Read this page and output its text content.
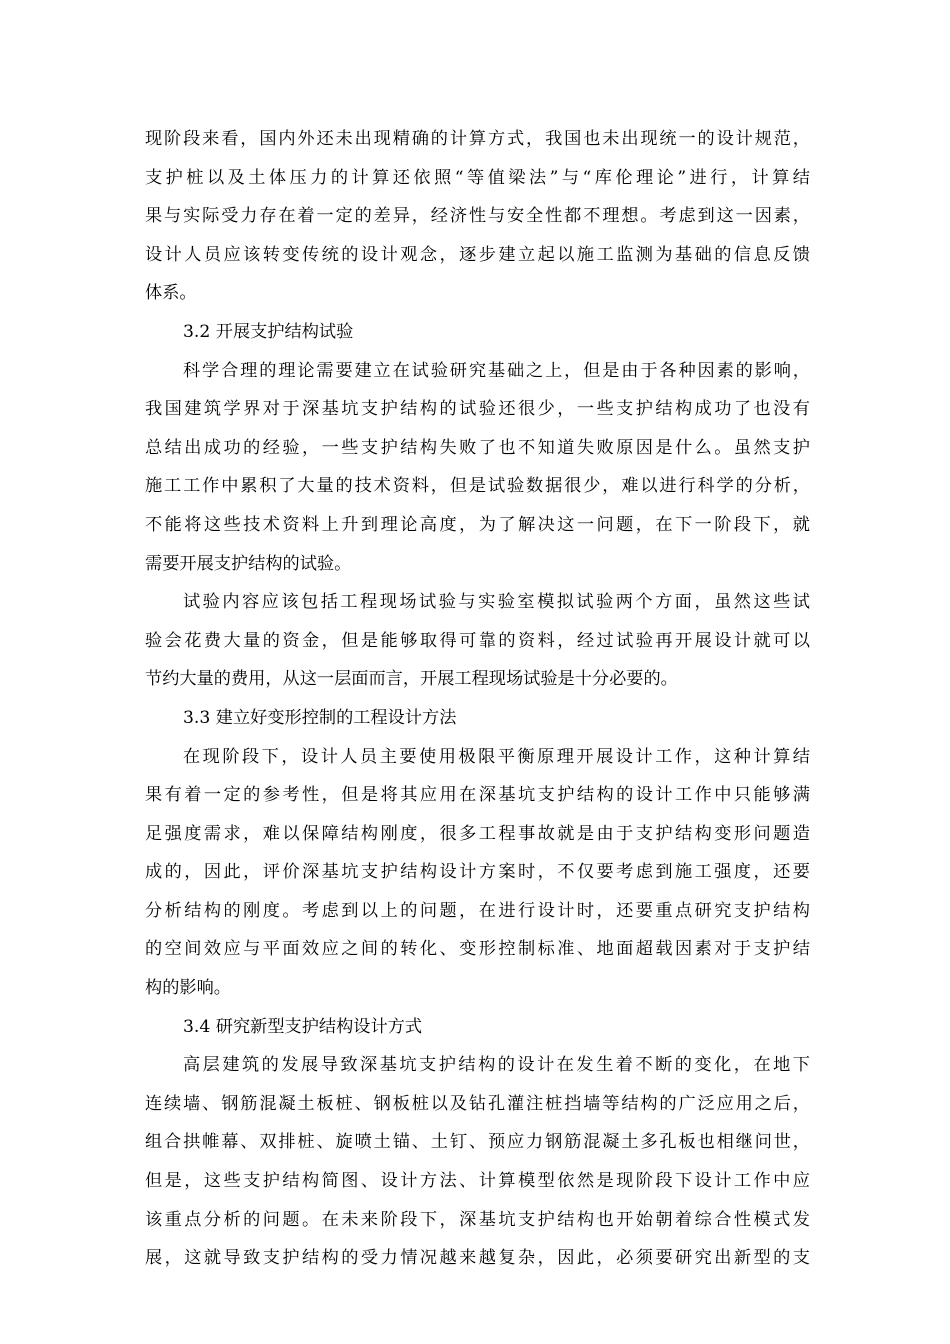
现阶段来看，国内外还未出现精确的计算方式，我国也未出现统一的设计规范，
支护桩以及土体压力的计算还依照“等值梁法”与“库伦理论”进行，计算结
果与实际受力存在着一定的差异，经济性与安全性都不理想。考虑到这一因素，
设计人员应该转变传统的设计观念，逐步建立起以施工监测为基础的信息反馈
体系。
3.2 开展支护结构试验
科学合理的理论需要建立在试验研究基础之上，但是由于各种因素的影响，
我国建筑学界对于深基坑支护结构的试验还很少，一些支护结构成功了也没有
总结出成功的经验，一些支护结构失败了也不知道失败原因是什么。虽然支护
施工工作中累积了大量的技术资料，但是试验数据很少，难以进行科学的分析，
不能将这些技术资料上升到理论高度，为了解决这一问题，在下一阶段下，就
需要开展支护结构的试验。
试验内容应该包括工程现场试验与实验室模拟试验两个方面，虽然这些试
验会花费大量的资金，但是能够取得可靠的资料，经过试验再开展设计就可以
节约大量的费用，从这一层面而言，开展工程现场试验是十分必要的。
3.3 建立好变形控制的工程设计方法
在现阶段下，设计人员主要使用极限平衡原理开展设计工作，这种计算结
果有着一定的参考性，但是将其应用在深基坑支护结构的设计工作中只能够满
足强度需求，难以保障结构刚度，很多工程事故就是由于支护结构变形问题造
成的，因此，评价深基坑支护结构设计方案时，不仅要考虑到施工强度，还要
分析结构的刚度。考虑到以上的问题，在进行设计时，还要重点研究支护结构
的空间效应与平面效应之间的转化、变形控制标准、地面超载因素对于支护结
构的影响。
3.4 研究新型支护结构设计方式
高层建筑的发展导致深基坑支护结构的设计在发生着不断的变化，在地下
连续墙、钢筋混凝土板桩、钢板桩以及钻孔灌注桩挡墙等结构的广泛应用之后，
组合拱帷幕、双排桩、旋喷土锚、土钉、预应力钢筋混凝土多孔板也相继问世，
但是，这些支护结构简图、设计方法、计算模型依然是现阶段下设计工作中应
该重点分析的问题。在未来阶段下，深基坑支护结构也开始朝着综合性模式发
展，这就导致支护结构的受力情况越来越复杂，因此，必须要研究出新型的支
